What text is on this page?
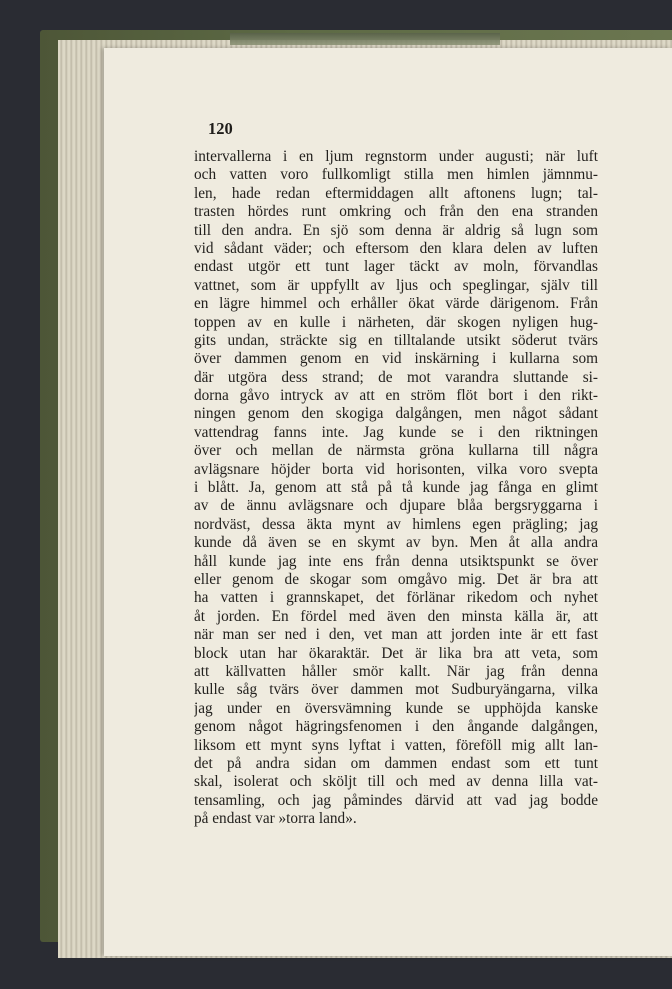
120
intervallerna i en ljum regnstorm under augusti; när luft
och vatten voro fullkomligt stilla men himlen jämnmu-
len, hade redan eftermiddagen allt aftonens lugn; tal-
trasten hördes runt omkring och från den ena stranden
till den andra. En sjö som denna är aldrig så lugn som
vid sådant väder; och eftersom den klara delen av luften
endast utgör ett tunt lager täckt av moln, förvandlas
vattnet, som är uppfyllt av ljus och speglingar, själv till
en lägre himmel och erhåller ökat värde därigenom. Från
toppen av en kulle i närheten, där skogen nyligen hug-
gits undan, sträckte sig en tilltalande utsikt söderut tvärs
över dammen genom en vid inskärning i kullarna som
där utgöra dess strand; de mot varandra sluttande si-
dorna gåvo intryck av att en ström flöt bort i den rikt-
ningen genom den skogiga dalgången, men något sådant
vattendrag fanns inte. Jag kunde se i den riktningen
över och mellan de närmsta gröna kullarna till några
avlägsnare höjder borta vid horisonten, vilka voro svepta
i blått. Ja, genom att stå på tå kunde jag fånga en glimt
av de ännu avlägsnare och djupare blåa bergsryggarna i
nordväst, dessa äkta mynt av himlens egen prägling; jag
kunde då även se en skymt av byn. Men åt alla andra
håll kunde jag inte ens från denna utsiktspunkt se över
eller genom de skogar som omgåvo mig. Det är bra att
ha vatten i grannskapet, det förlänar rikedom och nyhet
åt jorden. En fördel med även den minsta källa är, att
när man ser ned i den, vet man att jorden inte är ett fast
block utan har ökaraktär. Det är lika bra att veta, som
att källvatten håller smör kallt. När jag från denna
kulle såg tvärs över dammen mot Sudburyängarna, vilka
jag under en översvämning kunde se upphöjda kanske
genom något hägringsfenomen i den ångande dalgången,
liksom ett mynt syns lyftat i vatten, föreföll mig allt lan-
det på andra sidan om dammen endast som ett tunt
skal, isolerat och sköljt till och med av denna lilla vat-
tensamling, och jag påmindes därvid att vad jag bodde
på endast var »torra land».
